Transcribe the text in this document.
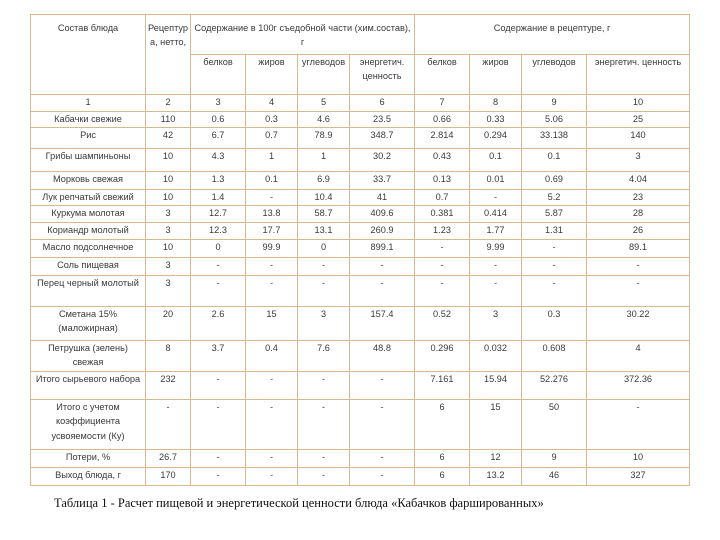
Состав блюда	Рецептур а, нетто,	Содержание в 100г съедобной части (хим.состав), г				Содержание в рецептуре, г			
		белков	жиров	углеводов	энергетич. ценность	белков	жиров	углеводов	энергетич. ценность
1	2	3	4	5	6	7	8	9	10
Кабачки свежие	110	0.6	0.3	4.6	23.5	0.66	0.33	5.06	25
Рис	42	6.7	0.7	78.9	348.7	2.814	0.294	33.138	140
Грибы шампиньоны	10	4.3	1	1	30.2	0.43	0.1	0.1	3
Морковь свежая	10	1.3	0.1	6.9	33.7	0.13	0.01	0.69	4.04
Лук репчатый свежий	10	1.4	-	10.4	41	0.7	-	5.2	23
Куркума молотая	3	12.7	13.8	58.7	409.6	0.381	0.414	5.87	28
Кориандр молотый	3	12.3	17.7	13.1	260.9	1.23	1.77	1.31	26
Масло подсолнечное	10	0	99.9	0	899.1	-	9.99	-	89.1
Соль пищевая	3	-	-	-	-	-	-	-	-
Перец черный молотый	3	-	-	-	-	-	-	-	-
Сметана 15%(маложирная)	20	2.6	15	3	157.4	0.52	3	0.3	30.22
Петрушка (зелень) свежая	8	3.7	0.4	7.6	48.8	0.296	0.032	0.608	4
Итого сырьевого набора	232	-	-	-	-	7.161	15.94	52.276	372.36
Итого с учетом коэффициента усвояемости (Ку)	-	-	-	-	-	6	15	50	-
Потери, %	26.7	-	-	-	-	6	12	9	10
Выход блюда, г	170	-	-	-	-	6	13.2	46	327
Таблица 1 - Расчет пищевой и энергетической ценности блюда «Кабачков фаршированных»
